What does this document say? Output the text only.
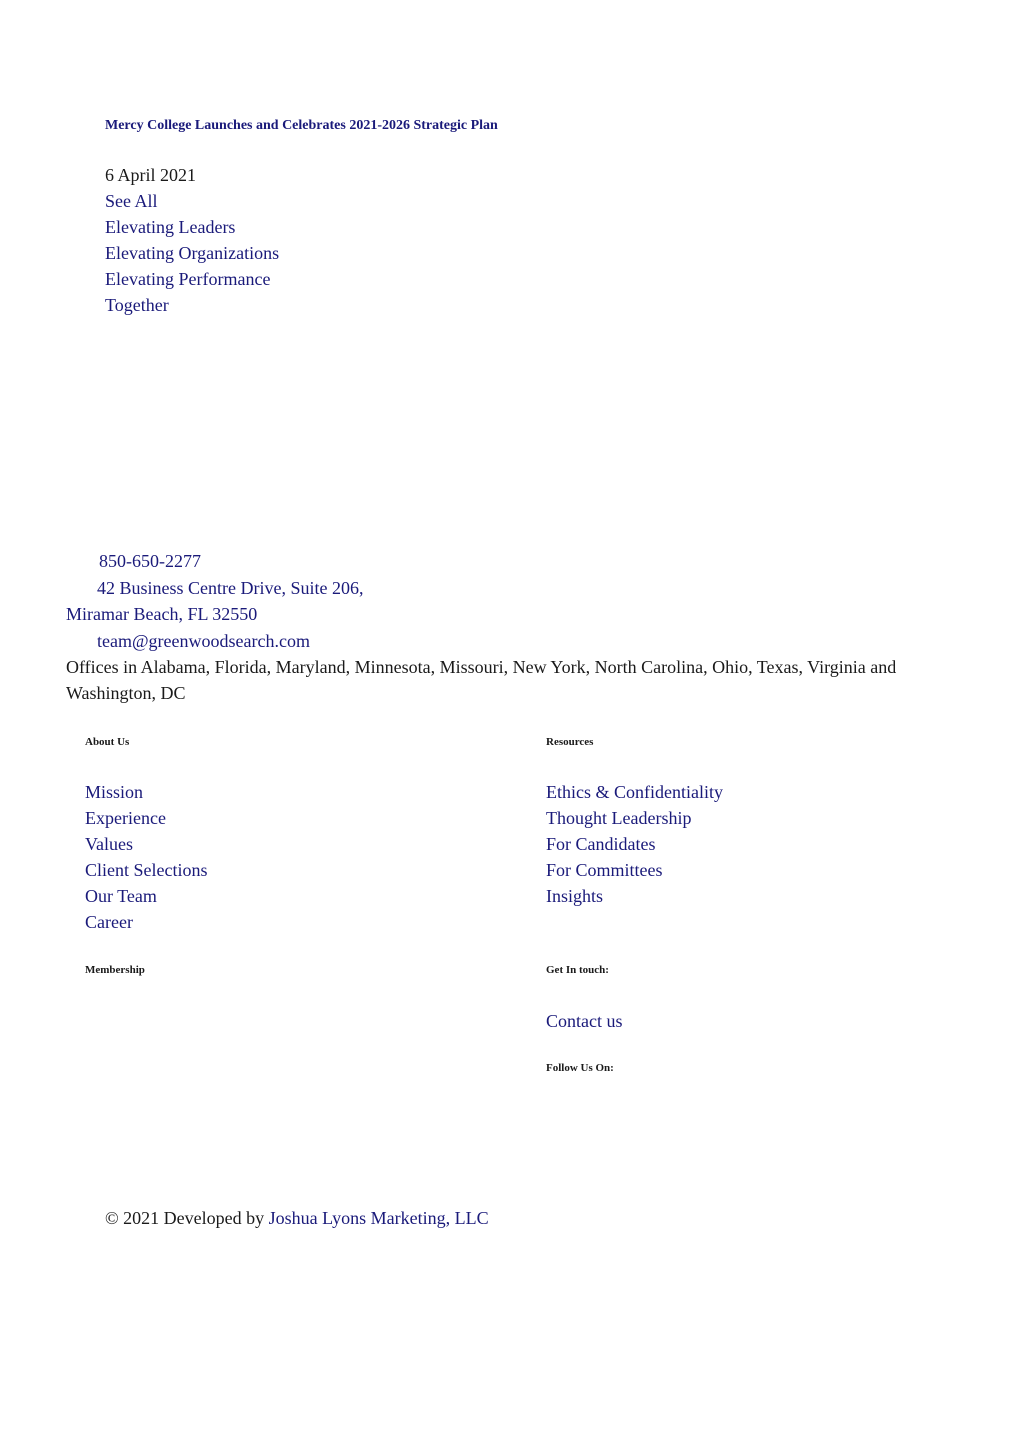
Mercy College Launches and Celebrates 2021-2026 Strategic Plan
6 April 2021
See All
Elevating Leaders
Elevating Organizations
Elevating Performance
Together
850-650-2277
42 Business Centre Drive, Suite 206,
Miramar Beach, FL 32550
team@greenwoodsearch.com
Offices in Alabama, Florida, Maryland, Minnesota, Missouri, New York, North Carolina, Ohio, Texas, Virginia and Washington, DC
About Us
Mission
Experience
Values
Client Selections
Our Team
Career
Resources
Ethics & Confidentiality
Thought Leadership
For Candidates
For Committees
Insights
Membership	Get In touch:
Contact us
Follow Us On:
© 2021 Developed by Joshua Lyons Marketing, LLC
